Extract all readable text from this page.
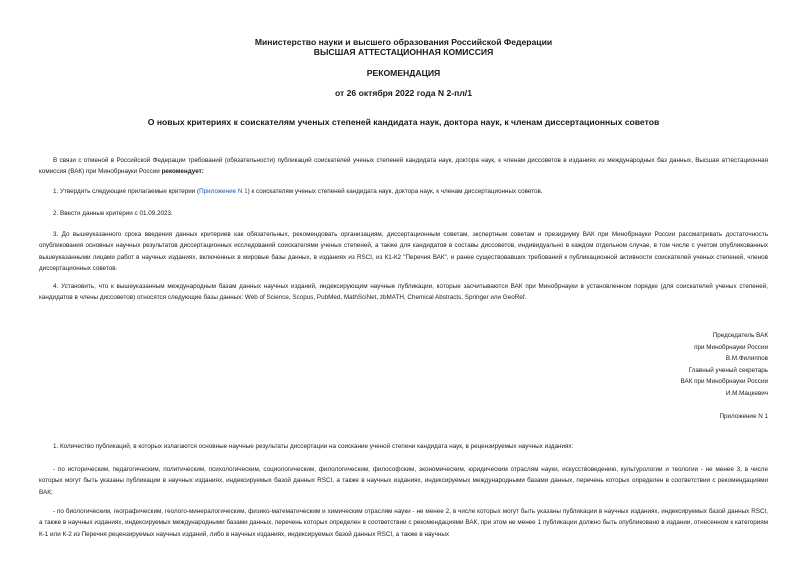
Министерство науки и высшего образования Российской Федерации
ВЫСШАЯ АТТЕСТАЦИОННАЯ КОМИССИЯ
РЕКОМЕНДАЦИЯ
от 26 октября 2022 года N 2-пл/1
О новых критериях к соискателям ученых степеней кандидата наук, доктора наук, к членам диссертационных советов

В связи с отменой в Российской Федерации требований (обязательности) публикаций соискателей ученых степеней кандидата наук, доктора наук, к членам диссоветов в изданиях из международных баз данных, Высшая аттестационная комиссия (ВАК) при Минобрнауки России рекомендует:

1. Утвердить следующие прилагаемые критерии (Приложение N 1) к соискателям ученых степеней кандидата наук, доктора наук, к членам диссертационных советов.

2. Ввести данные критерии с 01.09.2023.

3. До вышеуказанного срока введения данных критериев как обязательных, рекомендовать организациям, диссертационным советам, экспертным советам и президиуму ВАК при Минобрнауки России рассматривать достаточность опубликования основных научных результатов диссертационных исследований соискателями ученых степеней, а также для кандидатов в составы диссоветов, индивидуально в каждом отдельном случае, в том числе с учетом опубликованных вышеуказанными лицами работ в научных изданиях, включенных в мировые базы данных, в изданиях из RSCI, из К1-К2 "Перечня ВАК", и ранее существовавших требований к публикационной активности соискателей ученых степеней, членов диссертационных советов.

4. Установить, что к вышеуказанным международным базам данных научных изданий, индексирующим научные публикации, которые засчитываются ВАК при Минобрнауки в установленном порядке (для соискателей ученых степеней, кандидатов в члены диссоветов) относятся следующие базы данных: Web of Science, Scopus, PubMed, MathSciNet, zbMATH, Chemical Abstracts, Springer или GeoRef.

Председатель ВАК
при Минобрнауки России
В.М.Филиппов
Главный ученый секретарь
ВАК при Минобрнауки России
И.М.Мацкевич
Приложение N 1

1. Количество публикаций, в которых излагаются основные научные результаты диссертации на соискание ученой степени кандидата наук, в рецензируемых научных изданиях:

- по историческим, педагогическим, политическим, психологическим, социологическим, филологическим, философским, экономическим, юридическим отраслям науки, искусствоведению, культурологии и теологии - не менее 3, в числе которых могут быть указаны публикации в научных изданиях, индексируемых базой данных RSCI, а также в научных изданиях, индексируемых международными базами данных, перечень которых определен в соответствии с рекомендациями ВАК;

- по биологическим, географическим, геолого-минералогическим, физико-математическим и химическим отраслям науки - не менее 2, в числе которых могут быть указаны публикации в научных изданиях, индексируемых базой данных RSCI, а также в научных изданиях, индексируемых международными базами данных, перечень которых определен в соответствии с рекомендациями ВАК, при этом не менее 1 публикации должно быть опубликовано в издании, отнесенном к категориям К-1 или К-2 из Перечня рецензируемых научных изданий, либо в научных изданиях, индексируемых базой данных RSCI, а также в научных
